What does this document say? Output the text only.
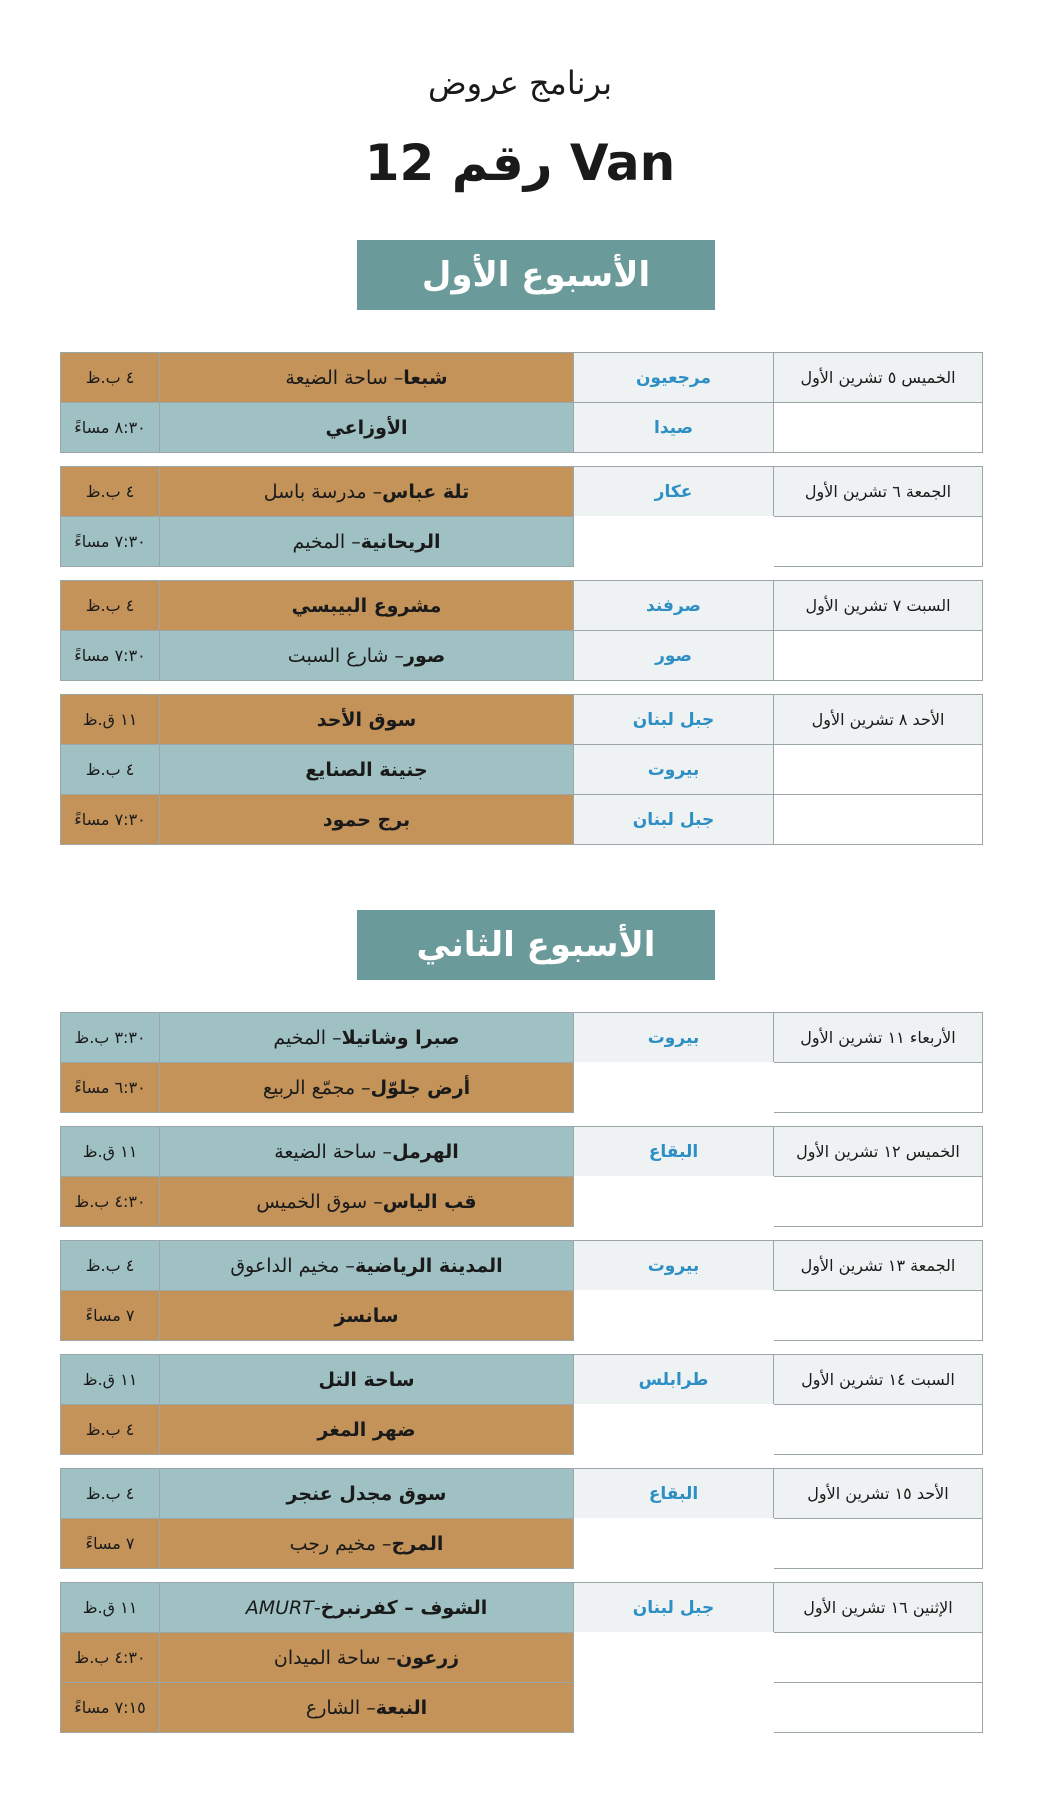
برنامج عروض
Van رقم 12
الأسبوع الأول
الخميس ٥ تشرين الأول
مرجعيون
شبعا
– ساحة الضيعة
٤ ب.ظ
صيدا
الأوزاعي
٨:٣٠ مساءً
الجمعة ٦ تشرين الأول
عكار
تلة عباس
– مدرسة باسل
٤ ب.ظ
الريحانية
– المخيم
٧:٣٠ مساءً
السبت ٧ تشرين الأول
صرفند
مشروع البيبسي
٤ ب.ظ
صور
صور
– شارع السبت
٧:٣٠ مساءً
الأحد ٨ تشرين الأول
جبل لبنان
سوق الأحد
١١ ق.ظ
بيروت
جنينة الصنايع
٤ ب.ظ
جبل لبنان
برج حمود
٧:٣٠ مساءً
الأسبوع الثاني
الأربعاء ١١ تشرين الأول
بيروت
صبرا وشاتيلا
– المخيم
٣:٣٠ ب.ظ
أرض جلوّل
– مجمّع الربيع
٦:٣٠ مساءً
الخميس ١٢ تشرين الأول
البقاع
الهرمل
– ساحة الضيعة
١١ ق.ظ
قب الياس
– سوق الخميس
٤:٣٠ ب.ظ
الجمعة ١٣ تشرين الأول
بيروت
المدينة الرياضية
– مخيم الداعوق
٤ ب.ظ
سانسز
٧ مساءً
السبت ١٤ تشرين الأول
طرابلس
ساحة التل
١١ ق.ظ
ضهر المغر
٤ ب.ظ
الأحد ١٥ تشرين الأول
البقاع
سوق مجدل عنجر
٤ ب.ظ
المرج
– مخيم رجب
٧ مساءً
الإثنين ١٦ تشرين الأول
جبل لبنان
الشوف – كفرنبرخ
-
AMURT
١١ ق.ظ
زرعون
– ساحة الميدان
٤:٣٠ ب.ظ
النبعة
– الشارع
٧:١٥ مساءً
